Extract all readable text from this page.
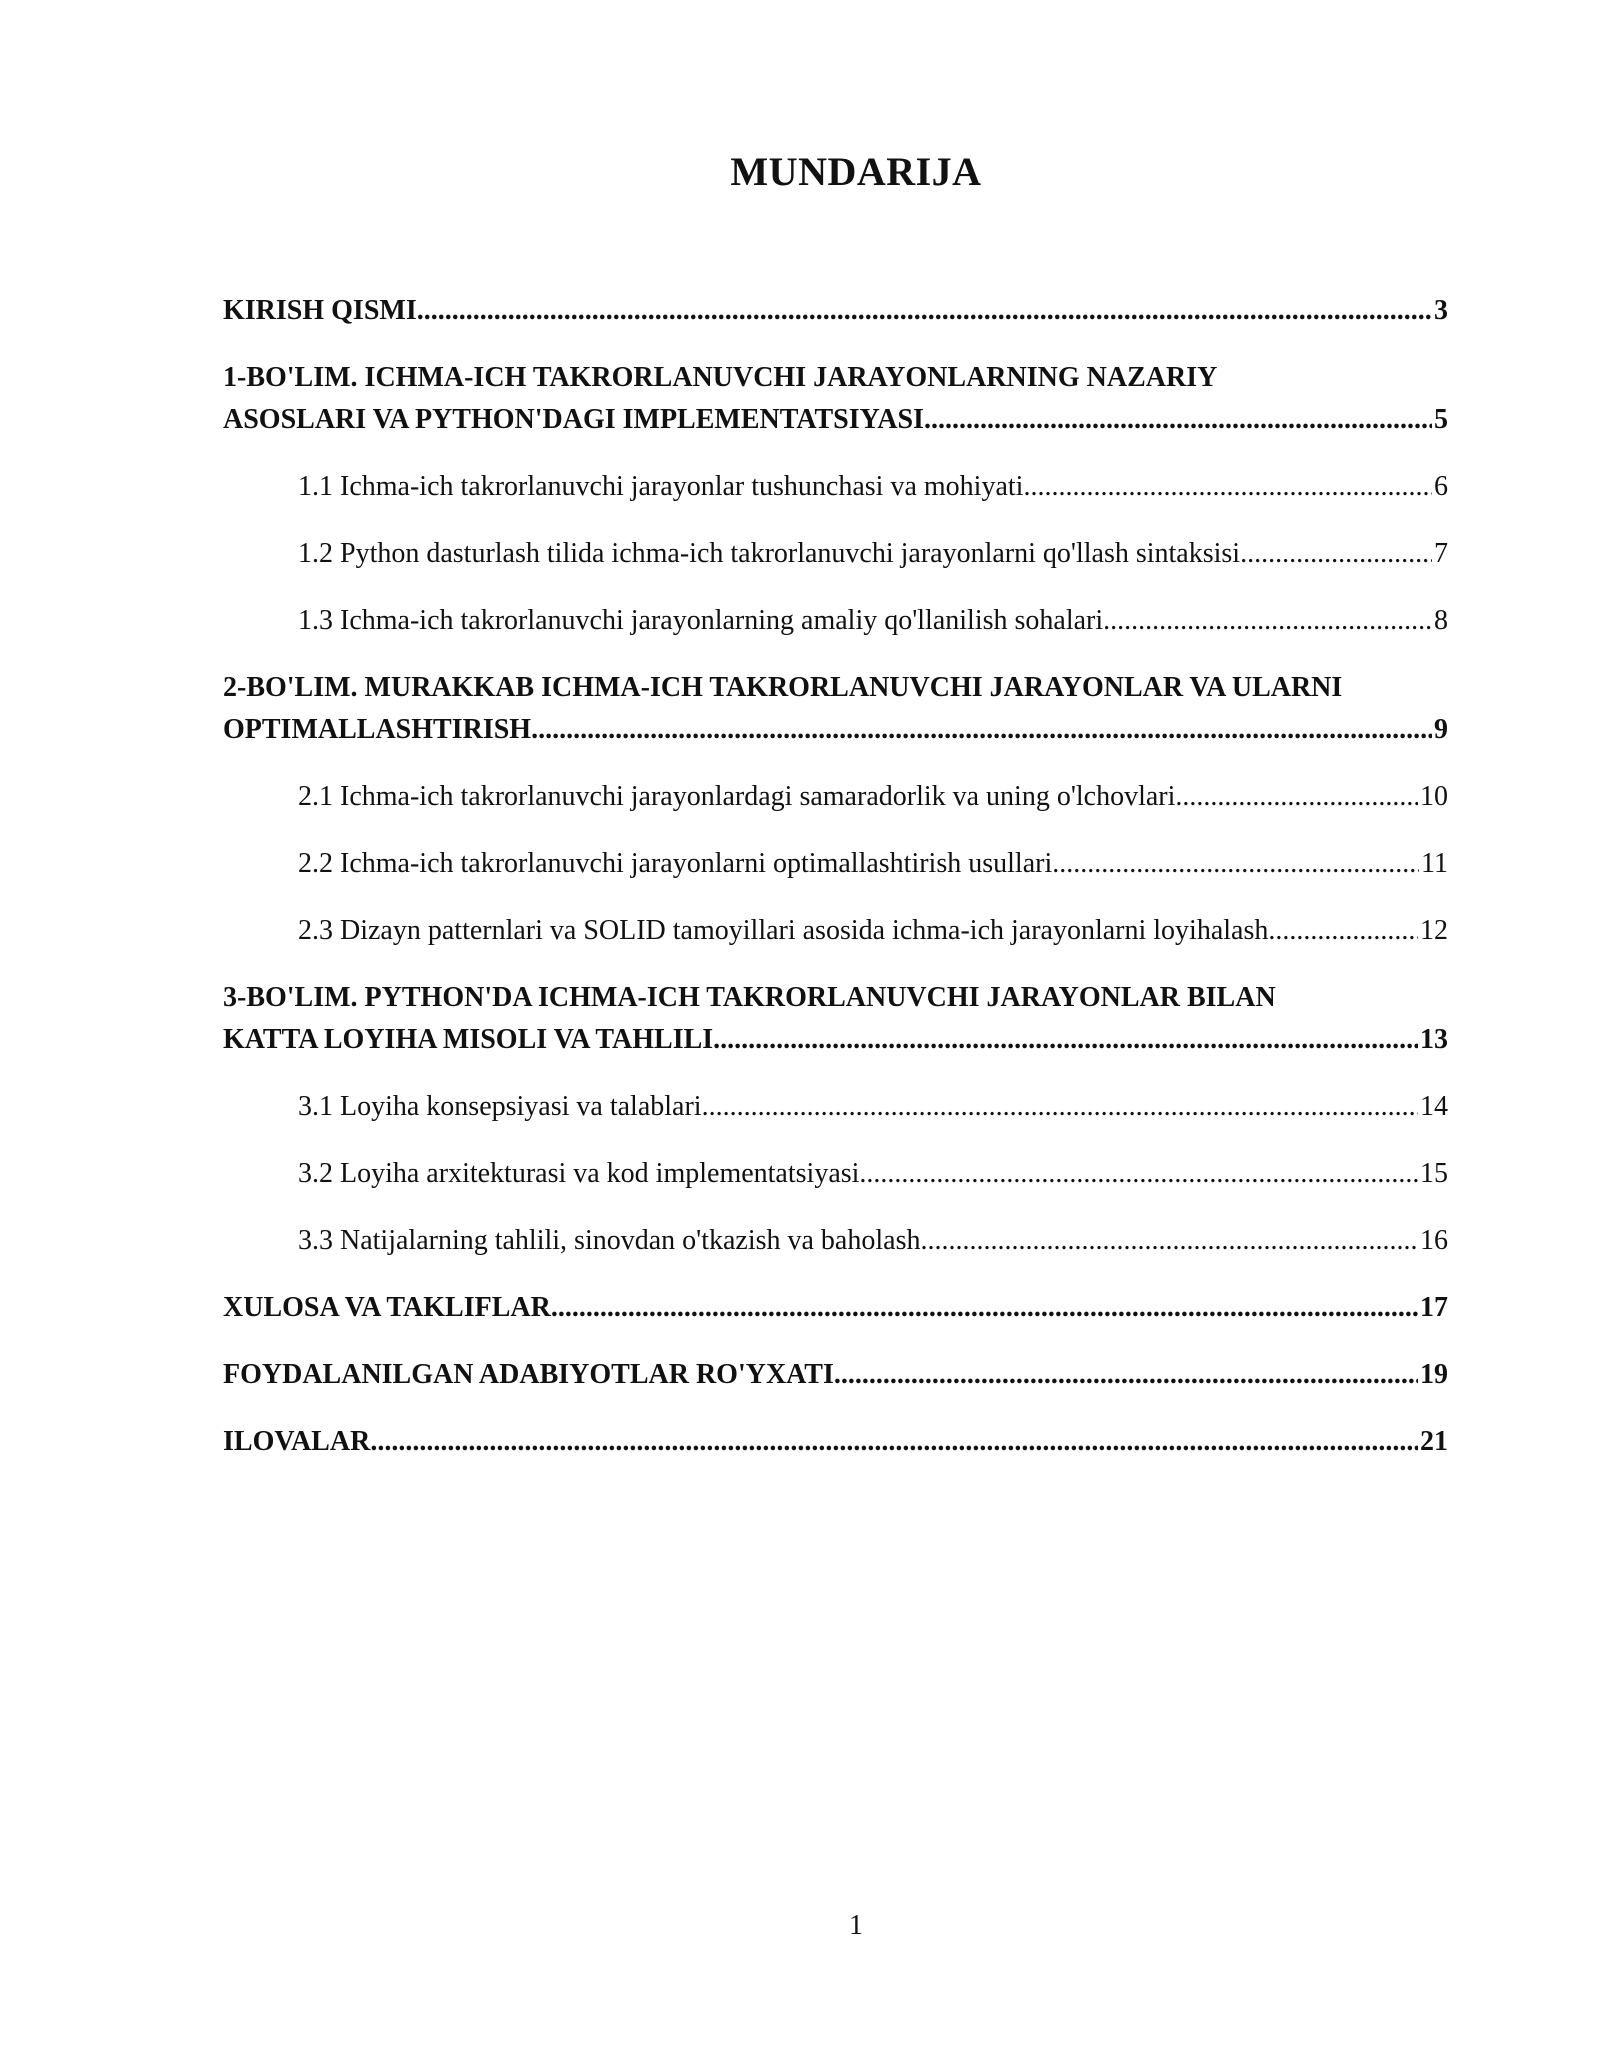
MUNDARIJA
KIRISH QISMI .....	3
1-BO'LIM. ICHMA-ICH TAKRORLANUVCHI JARAYONLARNING NAZARIY
ASOSLARI VA PYTHON'DAGI IMPLEMENTATSIYASI .....	5
1.1 Ichma-ich takrorlanuvchi jarayonlar tushunchasi va mohiyati .....	6
1.2 Python dasturlash tilida ichma-ich takrorlanuvchi jarayonlarni qo'llash sintaksisi .....	7
1.3 Ichma-ich takrorlanuvchi jarayonlarning amaliy qo'llanilish sohalari .....	8
2-BO'LIM. MURAKKAB ICHMA-ICH TAKRORLANUVCHI JARAYONLAR VA ULARNI
OPTIMALLASHTIRISH .....	9
2.1 Ichma-ich takrorlanuvchi jarayonlardagi samaradorlik va uning o'lchovlari .....	10
2.2 Ichma-ich takrorlanuvchi jarayonlarni optimallashtirish usullari .....	11
2.3 Dizayn patternlari va SOLID tamoyillari asosida ichma-ich jarayonlarni loyihalash .....	12
3-BO'LIM. PYTHON'DA ICHMA-ICH TAKRORLANUVCHI JARAYONLAR BILAN
KATTA LOYIHA MISOLI VA TAHLILI .....	13
3.1 Loyiha konsepsiyasi va talablari .....	14
3.2 Loyiha arxitekturasi va kod implementatsiyasi .....	15
3.3 Natijalarning tahlili, sinovdan o'tkazish va baholash .....	16
XULOSA VA TAKLIFLAR .....	17
FOYDALANILGAN ADABIYOTLAR RO'YXATI .....	19
ILOVALAR .....	21
1
